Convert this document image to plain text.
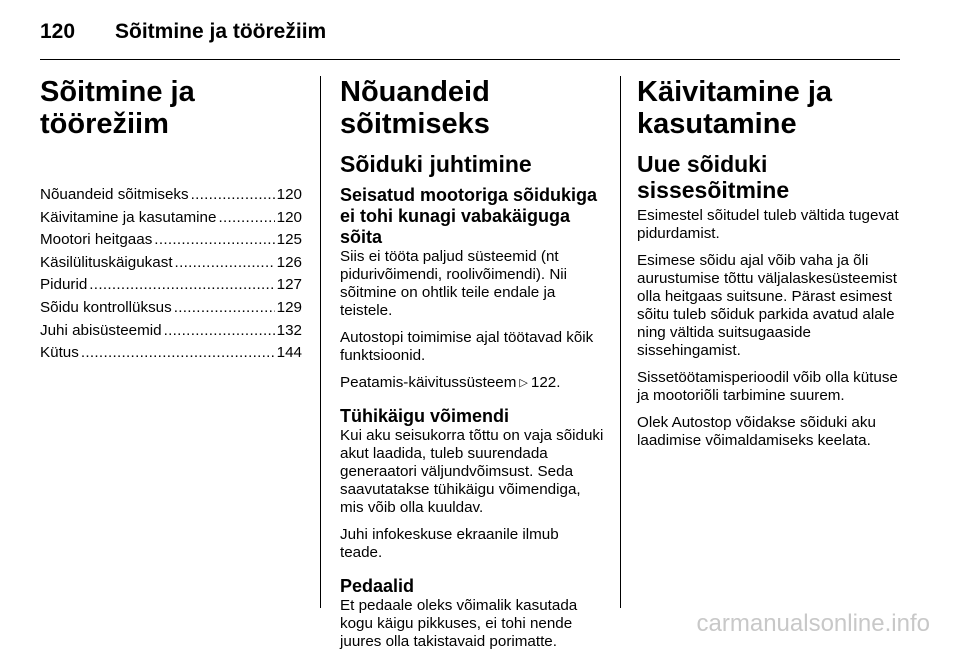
120 Sõitmine ja töörežiim
Sõitmine ja töörežiim
Nõuandeid sõitmiseks .....	120
Käivitamine ja kasutamine .....	120
Mootori heitgaas .....	125
Käsilülituskäigukast .....	126
Pidurid .....	127
Sõidu kontrollüksus .....	129
Juhi abisüsteemid .....	132
Kütus .....	144
Nõuandeid sõitmiseks
Sõiduki juhtimine
Seisatud mootoriga sõidukiga ei tohi kunagi vabakäiguga sõita

Siis ei tööta paljud süsteemid (nt pidurivõimendi, roolivõimendi). Nii sõitmine on ohtlik teile endale ja teistele.

Autostopi toimimise ajal töötavad kõik funktsioonid.

Peatamis-käivitussüsteem ▷ 122.

Tühikäigu võimendi

Kui aku seisukorra tõttu on vaja sõiduki akut laadida, tuleb suurendada generaatori väljundvõimsust. Seda saavutatakse tühikäigu võimendiga, mis võib olla kuuldav.

Juhi infokeskuse ekraanile ilmub teade.

Pedaalid

Et pedaale oleks võimalik kasutada kogu käigu pikkuses, ei tohi nende juures olla takistavaid porimatte.

Käivitamine ja kasutamine
Uue sõiduki sissesõitmine

Esimestel sõitudel tuleb vältida tugevat pidurdamist.

Esimese sõidu ajal võib vaha ja õli aurustumise tõttu väljalaskesüsteemist olla heitgaas suitsune. Pärast esimest sõitu tuleb sõiduk parkida avatud alale ning vältida suitsugaaside sissehingamist.

Sissetöötamisperioodil võib olla kütuse ja mootoriõli tarbimine suurem.

Olek Autostop võidakse sõiduki aku laadimise võimaldamiseks keelata.

carmanualsonline.info
